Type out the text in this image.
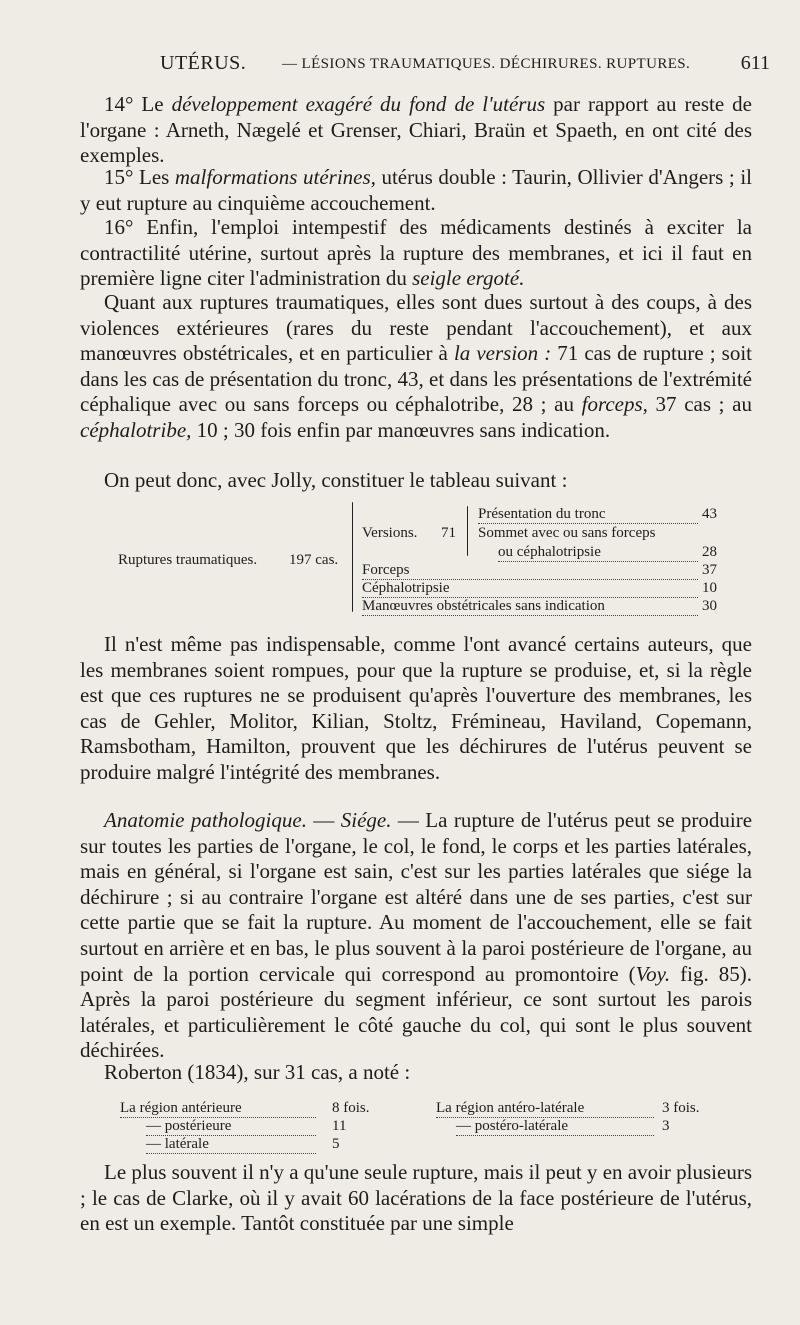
UTÉRUS. — LÉSIONS TRAUMATIQUES. DÉCHIRURES. RUPTURES.	611
14° Le développement exagéré du fond de l'utérus par rapport au reste de l'organe : Arneth, Nægelé et Grenser, Chiari, Braün et Spaeth, en ont cité des exemples.
15° Les malformations utérines, utérus double : Taurin, Ollivier d'Angers ; il y eut rupture au cinquième accouchement.
16° Enfin, l'emploi intempestif des médicaments destinés à exciter la contractilité utérine, surtout après la rupture des membranes, et ici il faut en première ligne citer l'administration du seigle ergoté.
Quant aux ruptures traumatiques, elles sont dues surtout à des coups, à des violences extérieures (rares du reste pendant l'accouchement), et aux manœuvres obstétricales, et en particulier à la version : 71 cas de rupture ; soit dans les cas de présentation du tronc, 43, et dans les présentations de l'extrémité céphalique avec ou sans forceps ou céphalotribe, 28 ; au forceps, 37 cas ; au céphalotribe, 10 ; 30 fois enfin par manœuvres sans indication.
On peut donc, avec Jolly, constituer le tableau suivant :
Ruptures traumatiques. 197 cas.
Versions. 71
Présentation du tronc	43
Sommet avec ou sans forceps
ou céphalotripsie	28
Forceps	37
Céphalotripsie	10
Manœuvres obstétricales sans indication	30
Il n'est même pas indispensable, comme l'ont avancé certains auteurs, que les membranes soient rompues, pour que la rupture se produise, et, si la règle est que ces ruptures ne se produisent qu'après l'ouverture des membranes, les cas de Gehler, Molitor, Kilian, Stoltz, Frémineau, Haviland, Copemann, Ramsbotham, Hamilton, prouvent que les déchirures de l'utérus peuvent se produire malgré l'intégrité des membranes.
Anatomie pathologique. — Siége. — La rupture de l'utérus peut se produire sur toutes les parties de l'organe, le col, le fond, le corps et les parties latérales, mais en général, si l'organe est sain, c'est sur les parties latérales que siége la déchirure ; si au contraire l'organe est altéré dans une de ses parties, c'est sur cette partie que se fait la rupture. Au moment de l'accouchement, elle se fait surtout en arrière et en bas, le plus souvent à la paroi postérieure de l'organe, au point de la portion cervicale qui correspond au promontoire (Voy. fig. 85). Après la paroi postérieure du segment inférieur, ce sont surtout les parois latérales, et particulièrement le côté gauche du col, qui sont le plus souvent déchirées.
Roberton (1834), sur 31 cas, a noté :
La région antérieure	8 fois.
— postérieure	11
— latérale	5
La région antéro-latérale	3 fois.
— postéro-latérale	3
Le plus souvent il n'y a qu'une seule rupture, mais il peut y en avoir plusieurs ; le cas de Clarke, où il y avait 60 lacérations de la face postérieure de l'utérus, en est un exemple. Tantôt constituée par une simple
